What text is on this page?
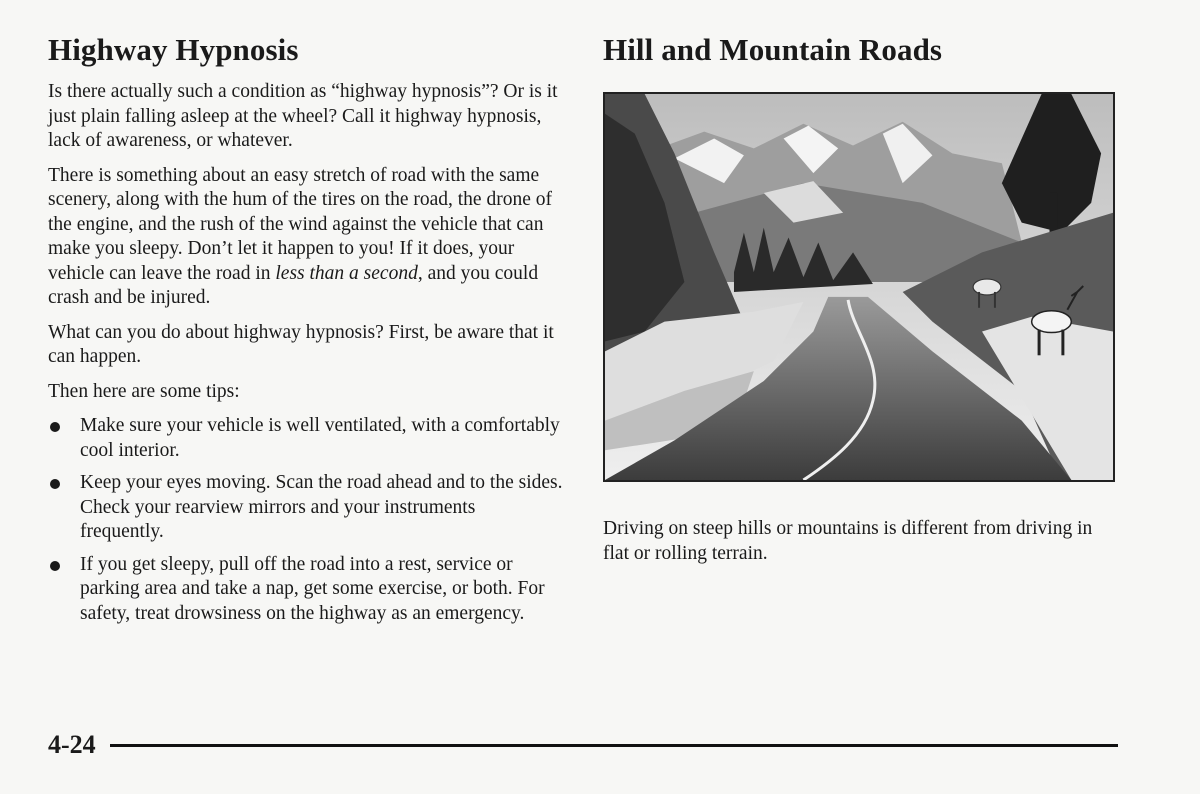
Highway Hypnosis

Is there actually such a condition as “highway hypnosis”? Or is it just plain falling asleep at the wheel? Call it highway hypnosis, lack of awareness, or whatever.

There is something about an easy stretch of road with the same scenery, along with the hum of the tires on the road, the drone of the engine, and the rush of the wind against the vehicle that can make you sleepy. Don’t let it happen to you! If it does, your vehicle can leave the road in less than a second, and you could crash and be injured.

What can you do about highway hypnosis? First, be aware that it can happen.

Then here are some tips:

Make sure your vehicle is well ventilated, with a comfortably cool interior.
Keep your eyes moving. Scan the road ahead and to the sides. Check your rearview mirrors and your instruments frequently.
If you get sleepy, pull off the road into a rest, service or parking area and take a nap, get some exercise, or both. For safety, treat drowsiness on the highway as an emergency.
Hill and Mountain Roads

Driving on steep hills or mountains is different from driving in flat or rolling terrain.

4-24
